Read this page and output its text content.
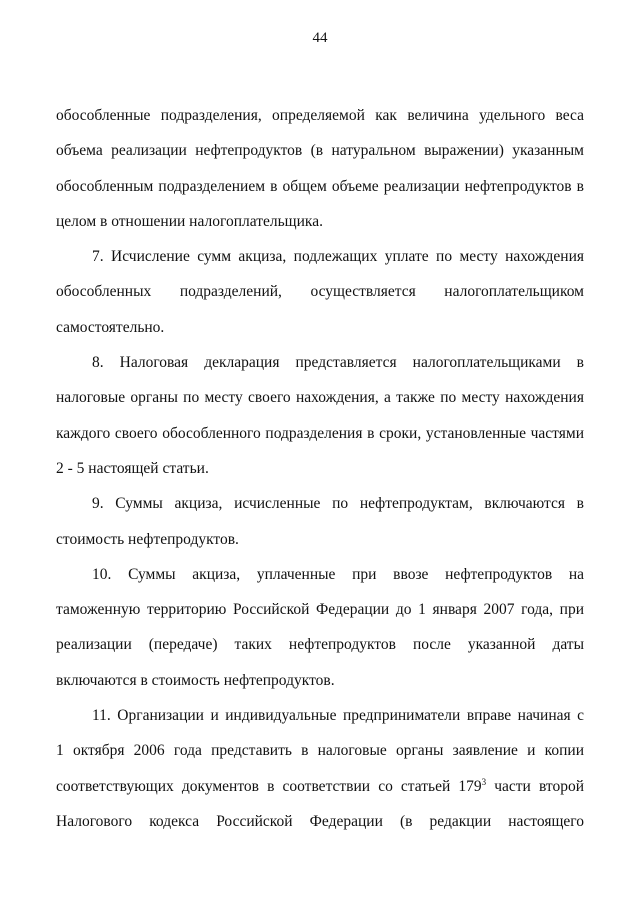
44
обособленные подразделения, определяемой как величина удельного веса
объема реализации нефтепродуктов (в натуральном выражении) указанным
обособленным подразделением в общем объеме реализации нефтепродуктов в
целом в отношении налогоплательщика.
7. Исчисление сумм акциза, подлежащих уплате по месту нахождения
обособленных подразделений, осуществляется налогоплательщиком
самостоятельно.
8. Налоговая декларация представляется налогоплательщиками в
налоговые органы по месту своего нахождения, а также по месту нахождения
каждого своего обособленного подразделения в сроки, установленные частями
2 - 5 настоящей статьи.
9. Суммы акциза, исчисленные по нефтепродуктам, включаются в
стоимость нефтепродуктов.
10. Суммы акциза, уплаченные при ввозе нефтепродуктов на
таможенную территорию Российской Федерации до 1 января 2007 года, при
реализации (передаче) таких нефтепродуктов после указанной даты
включаются в стоимость нефтепродуктов.
11. Организации и индивидуальные предприниматели вправе начиная с
1 октября 2006 года представить в налоговые органы заявление и копии
соответствующих документов в соответствии со статьей $179^3$ части второй
Налогового кодекса Российской Федерации (в редакции настоящего
